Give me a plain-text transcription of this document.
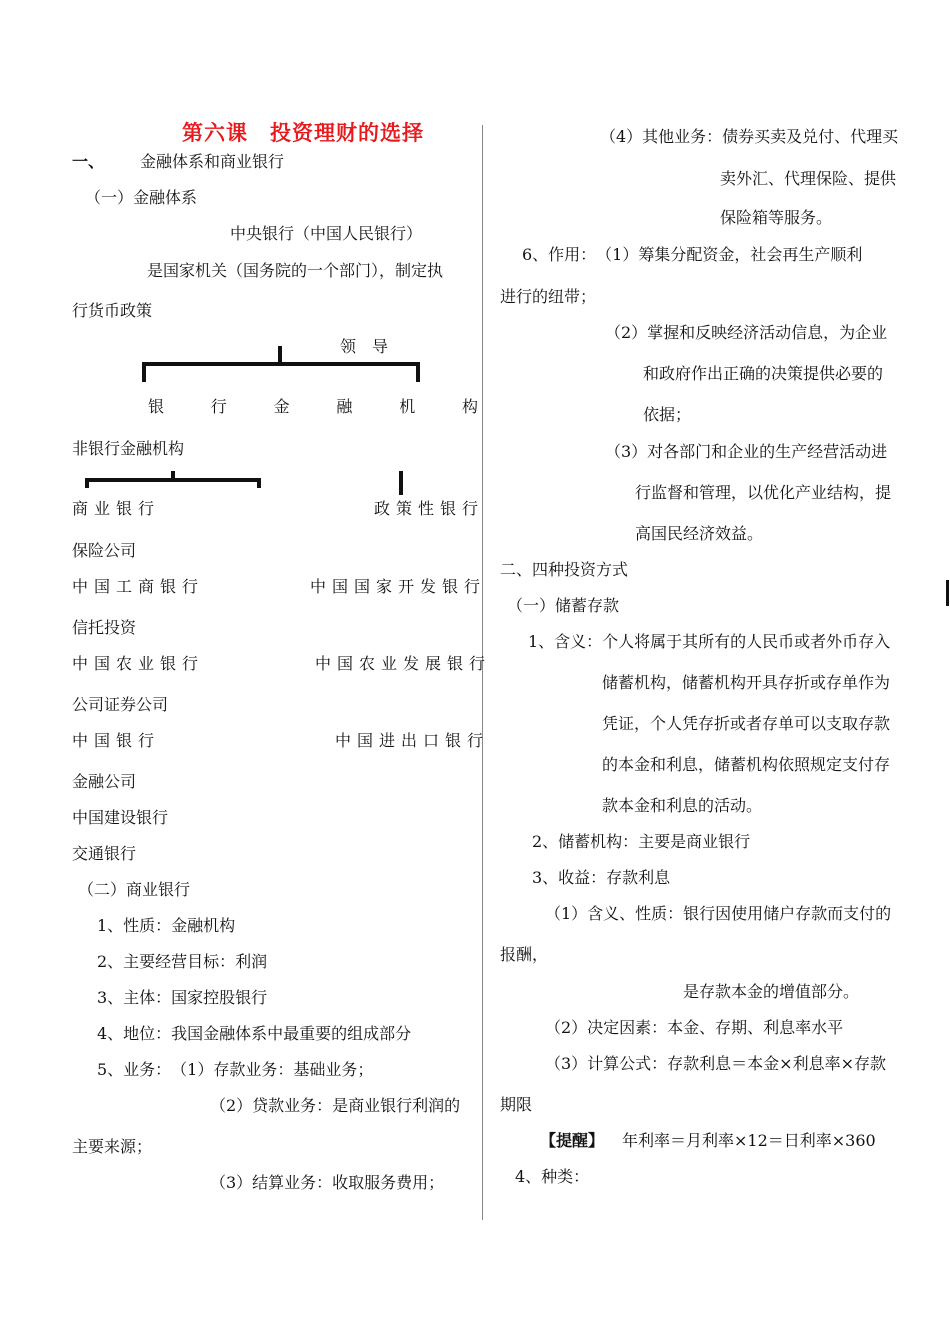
第六课　投资理财的选择
一、 金融体系和商业银行
（一）金融体系
中央银行（中国人民银行）
是国家机关（国务院的一个部门），制定执
行货币政策
领　导
银	行	金	融	机	构
非银行金融机构
商业银行	政策性银行
保险公司
中国工商银行	中国国家开发银行
信托投资
中国农业银行	中国农业发展银行
公司证券公司
中国银行	中国进出口银行
金融公司
中国建设银行
交通银行
（二）商业银行
1、性质：金融机构
2、主要经营目标：利润
3、主体：国家控股银行
4、地位：我国金融体系中最重要的组成部分
5、业务：　（1）存款业务：基础业务；
（2）贷款业务：是商业银行利润的
主要来源；
（3）结算业务：收取服务费用；
（4）其他业务：债券买卖及兑付、代理买
卖外汇、代理保险、提供
保险箱等服务。
6、作用：　（1）筹集分配资金，社会再生产顺利
进行的纽带；
（2）掌握和反映经济活动信息，为企业
和政府作出正确的决策提供必要的
依据；
（3）对各部门和企业的生产经营活动进
行监督和管理，以优化产业结构，提
高国民经济效益。
二、四种投资方式
（一）储蓄存款
1、含义：个人将属于其所有的人民币或者外币存入
储蓄机构，储蓄机构开具存折或存单作为
凭证，个人凭存折或者存单可以支取存款
的本金和利息，储蓄机构依照规定支付存
款本金和利息的活动。
2、储蓄机构：主要是商业银行
3、收益：存款利息
（1）含义、性质：银行因使用储户存款而支付的
报酬，
是存款本金的增值部分。
（2）决定因素：本金、存期、利息率水平
（3）计算公式：存款利息＝本金×利息率×存款
期限
【提醒】 年利率＝月利率×12＝日利率×360
4、种类：
